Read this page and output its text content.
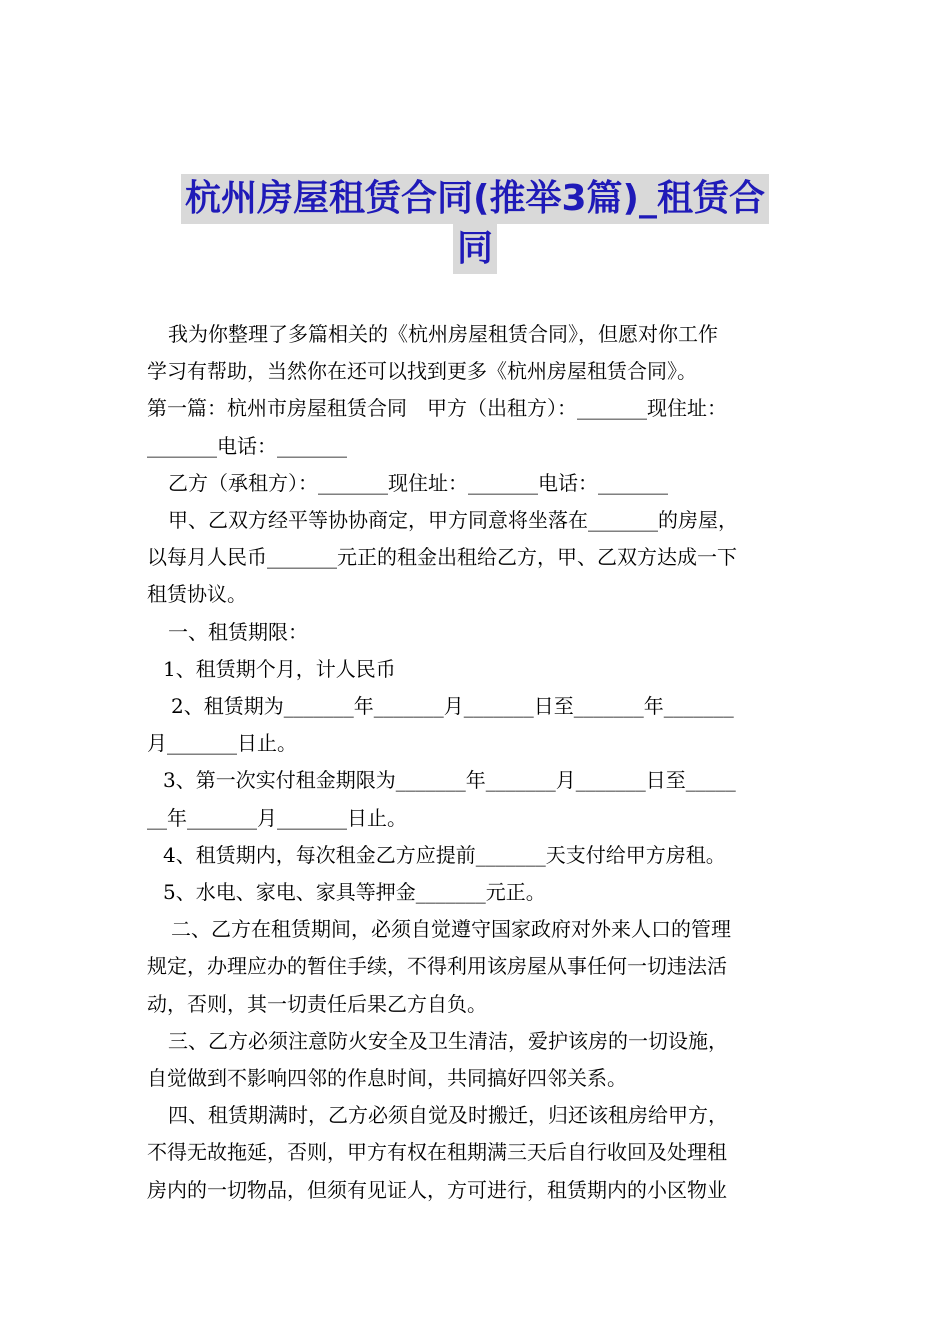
杭州房屋租赁合同(推举3篇)_租赁合
同

我为你整理了多篇相关的《杭州房屋租赁合同》，但愿对你工作

学习有帮助，当然你在还可以找到更多《杭州房屋租赁合同》。

第一篇：杭州市房屋租赁合同　甲方（出租方）：_______现住址：

_______电话：_______

乙方（承租方）：_______现住址：_______电话：_______

甲、乙双方经平等协协商定，甲方同意将坐落在_______的房屋，

以每月人民币_______元正的租金出租给乙方，甲、乙双方达成一下

租赁协议。

一、租赁期限：

1、租赁期个月，计人民币

2、租赁期为_______年_______月_______日至_______年_______

月_______日止。

3、第一次实付租金期限为_______年_______月_______日至_____

__年_______月_______日止。

4、租赁期内，每次租金乙方应提前_______天支付给甲方房租。

5、水电、家电、家具等押金_______元正。

二、乙方在租赁期间，必须自觉遵守国家政府对外来人口的管理

规定，办理应办的暂住手续，不得利用该房屋从事任何一切违法活

动，否则，其一切责任后果乙方自负。

三、乙方必须注意防火安全及卫生清洁，爱护该房的一切设施，

自觉做到不影响四邻的作息时间，共同搞好四邻关系。

四、租赁期满时，乙方必须自觉及时搬迁，归还该租房给甲方，

不得无故拖延，否则，甲方有权在租期满三天后自行收回及处理租

房内的一切物品，但须有见证人，方可进行，租赁期内的小区物业
